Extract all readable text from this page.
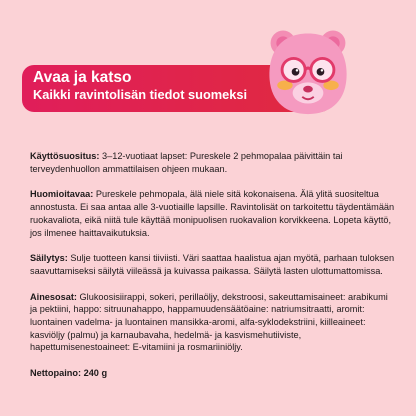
Avaa ja katso
Kaikki ravintolisän tiedot suomeksi

Käyttösuositus: 3–12-vuotiaat lapset: Pureskele 2 pehmopalaa päivittäin tai terveydenhuollon ammattilaisen ohjeen mukaan.

Huomioitavaa: Pureskele pehmopala, älä niele sitä kokonaisena. Älä ylitä suositeltua annostusta. Ei saa antaa alle 3-vuotiaille lapsille. Ravintolisät on tarkoitettu täydentämään ruokavaliota, eikä niitä tule käyttää monipuolisen ruokavalion korvikkeena. Lopeta käyttö, jos ilmenee haittavaikutuksia.

Säilytys: Sulje tuotteen kansi tiiviisti. Väri saattaa haalistua ajan myötä, parhaan tuloksen saavuttamiseksi säilytä viileässä ja kuivassa paikassa. Säilytä lasten ulottumattomissa.

Ainesosat: Glukoosisiirappi, sokeri, perillaöljy, dekstroosi, sakeuttamisaineet: arabikumi ja pektiini, happo: sitruunahappo, happamuudensäätöaine: natriumsitraatti, aromit: luontainen vadelma- ja luontainen mansikka-aromi, alfa-syklodekstriini, kiilleaineet: kasviöljy (palmu) ja karnaubavaha, hedelmä- ja kasvismehutiiviste, hapettumisenestoaineet: E-vitamiini ja rosmariiniöljy.

Nettopaino: 240 g
